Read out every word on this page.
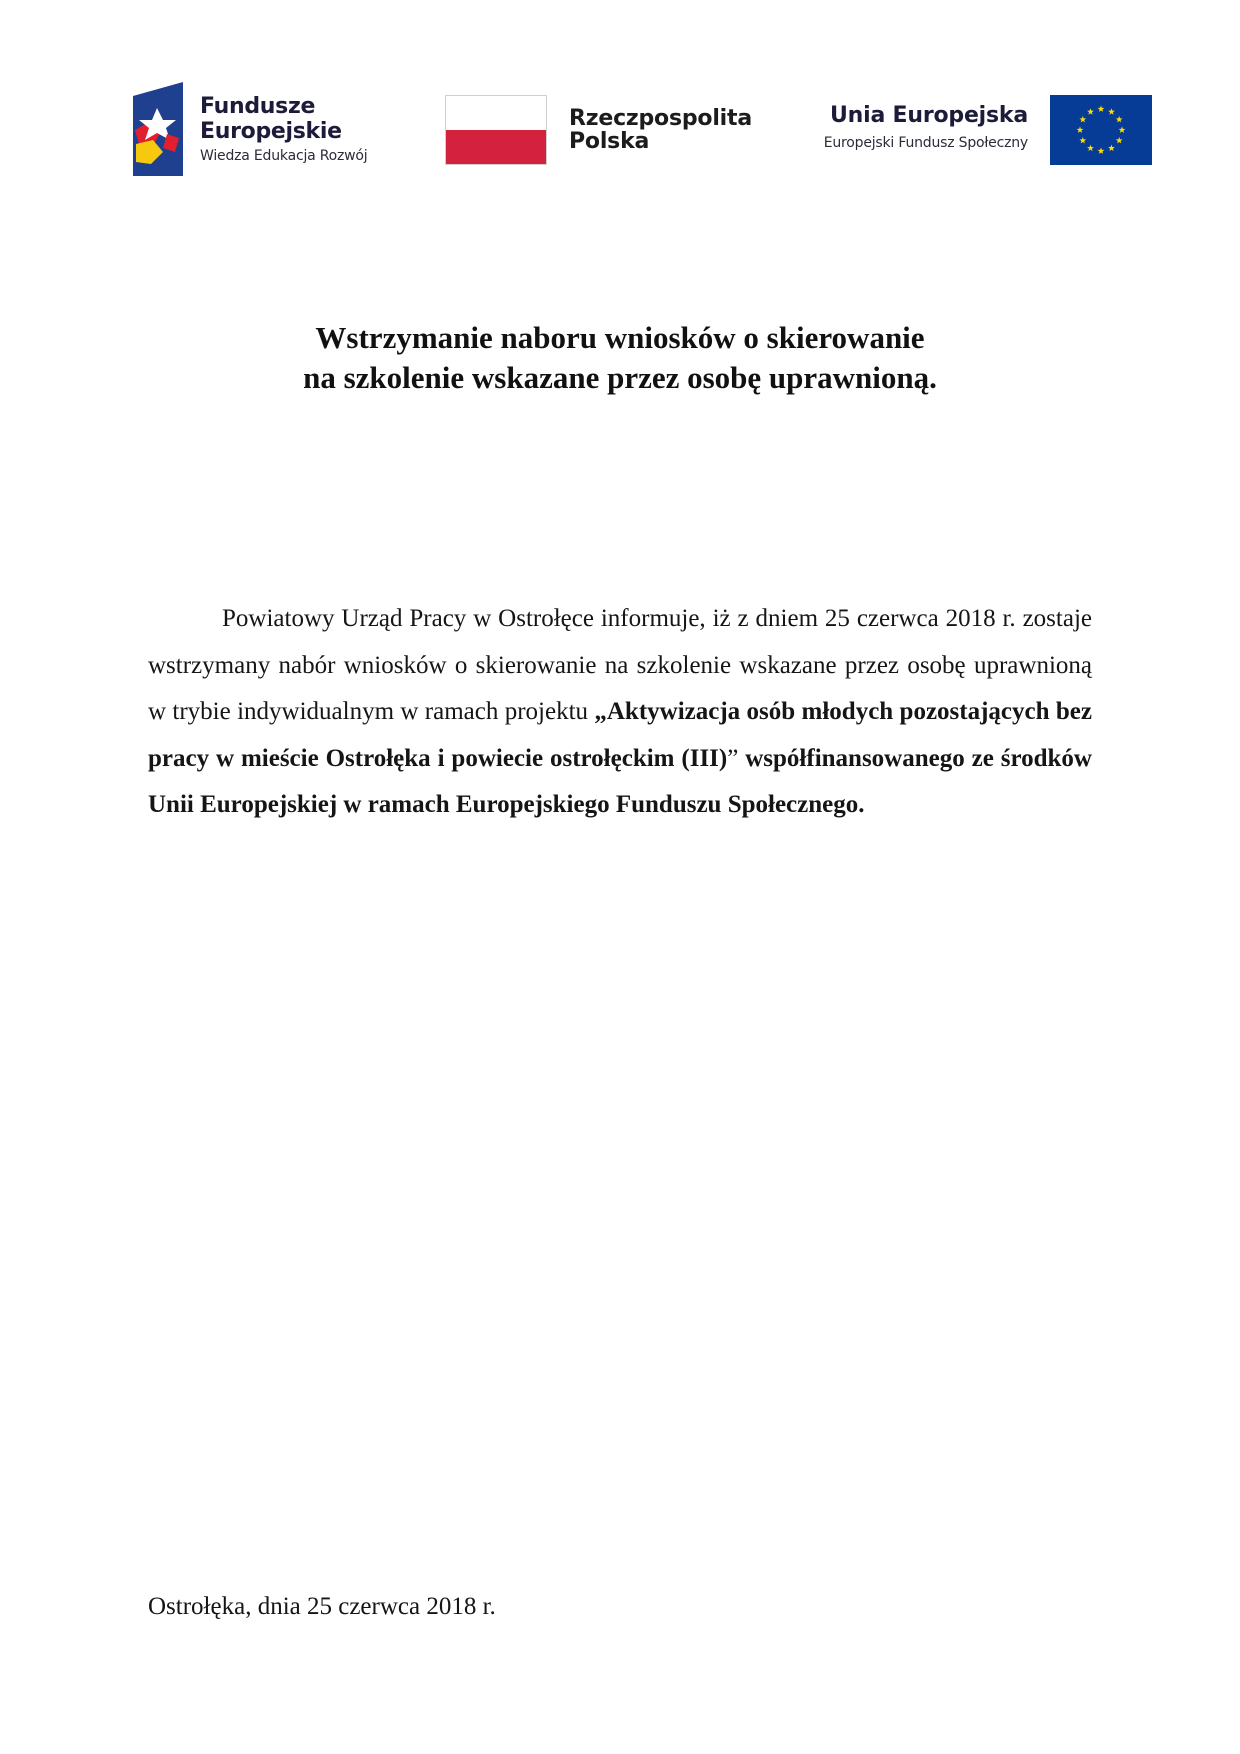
Fundusze
Europejskie
Wiedza Edukacja Rozwój
Rzeczpospolita
Polska
Unia Europejska
Europejski Fundusz Społeczny
Wstrzymanie naboru wniosków o skierowanie
na szkolenie wskazane przez osobę uprawnioną.

Powiatowy Urząd Pracy w Ostrołęce informuje, iż z dniem 25 czerwca 2018 r. zostaje wstrzymany nabór wniosków o skierowanie na szkolenie wskazane przez osobę uprawnioną w trybie indywidualnym w ramach projektu „Aktywizacja osób młodych pozostających bez pracy w mieście Ostrołęka i powiecie ostrołęckim (III)” współfinansowanego ze środków Unii Europejskiej w ramach Europejskiego Funduszu Społecznego.

Ostrołęka, dnia 25 czerwca 2018 r.
